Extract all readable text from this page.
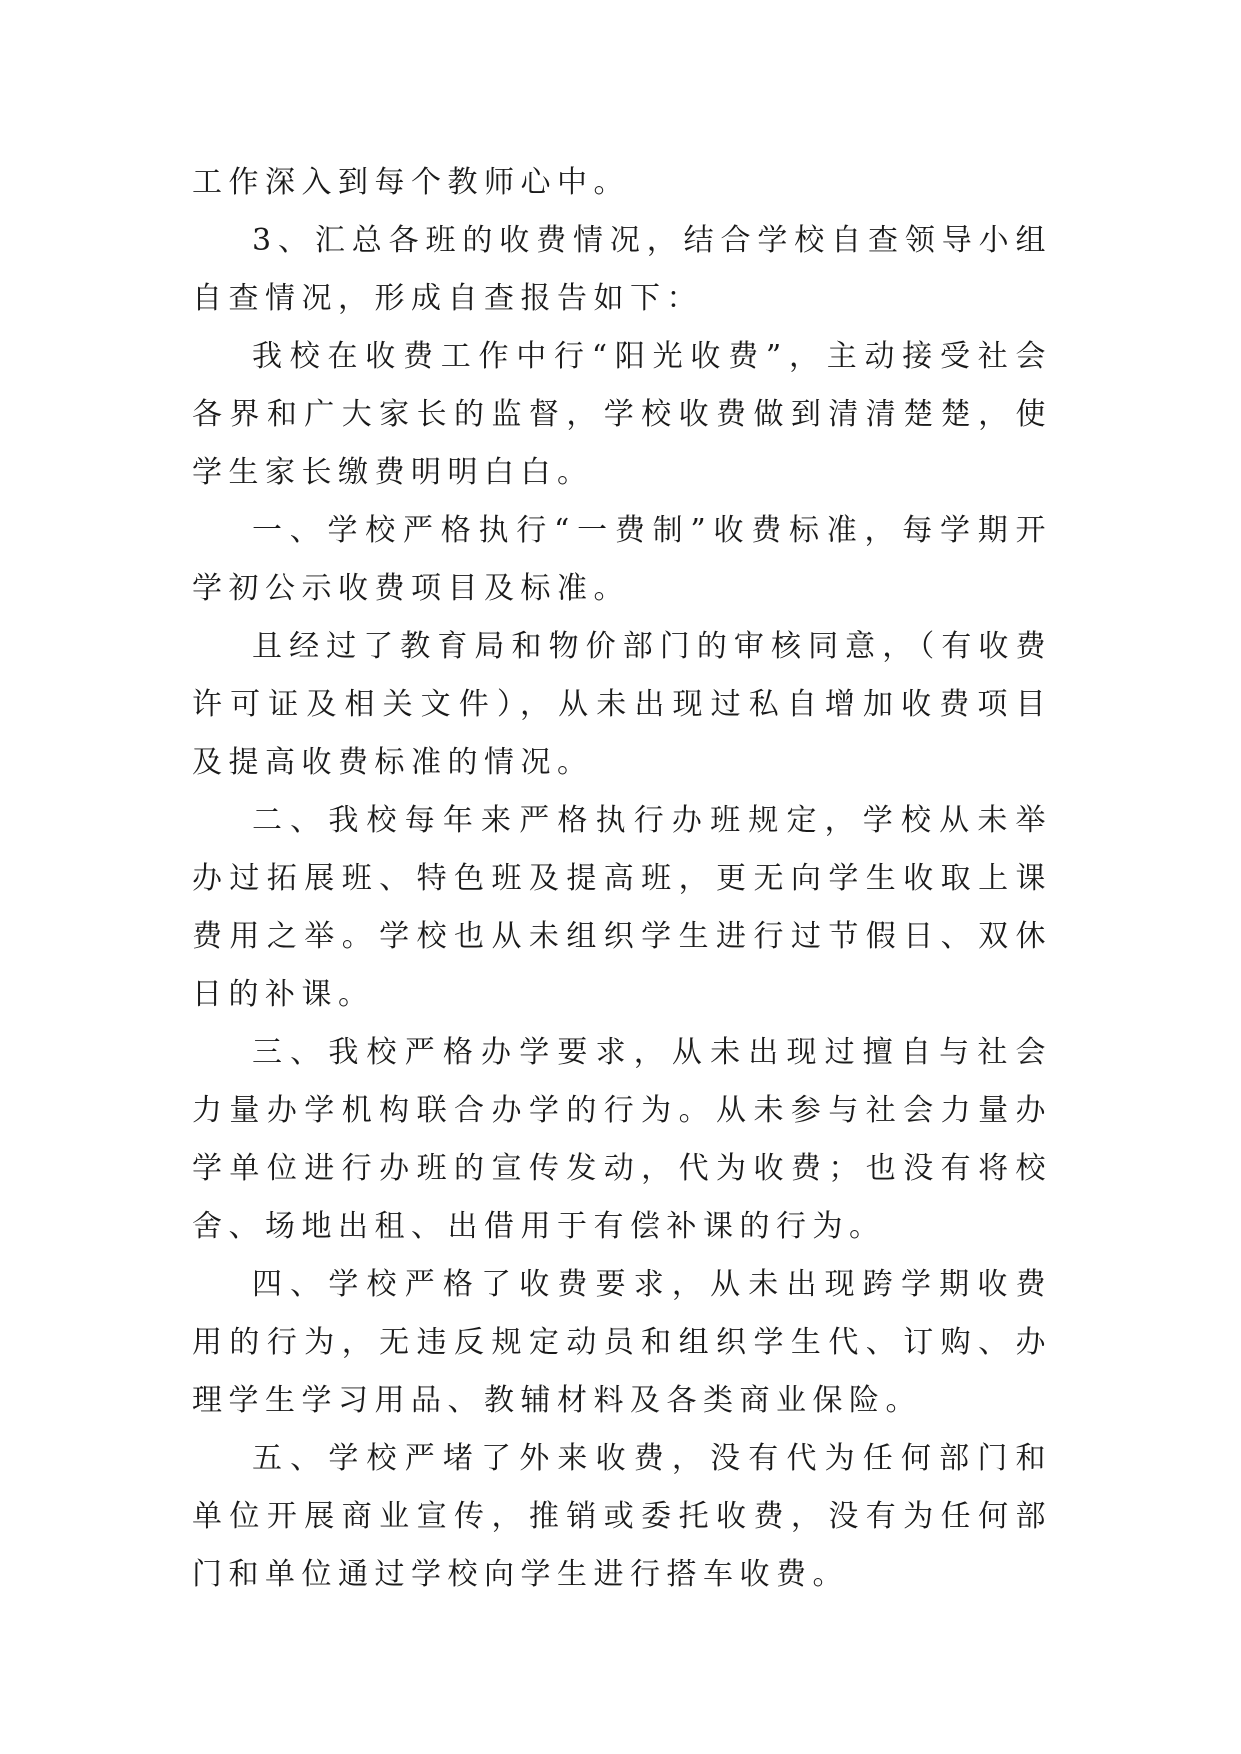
工作深入到每个教师心中。

3、汇总各班的收费情况，结合学校自查领导小组自查情况，形成自查报告如下：

我校在收费工作中行“阳光收费”，主动接受社会各界和广大家长的监督，学校收费做到清清楚楚，使学生家长缴费明明白白。

一、学校严格执行“一费制”收费标准，每学期开学初公示收费项目及标准。

且经过了教育局和物价部门的审核同意，（有收费许可证及相关文件），从未出现过私自增加收费项目及提高收费标准的情况。

二、我校每年来严格执行办班规定，学校从未举办过拓展班、特色班及提高班，更无向学生收取上课费用之举。学校也从未组织学生进行过节假日、双休日的补课。

三、我校严格办学要求，从未出现过擅自与社会力量办学机构联合办学的行为。从未参与社会力量办学单位进行办班的宣传发动，代为收费；也没有将校舍、场地出租、出借用于有偿补课的行为。

四、学校严格了收费要求，从未出现跨学期收费用的行为，无违反规定动员和组织学生代、订购、办理学生学习用品、教辅材料及各类商业保险。

五、学校严堵了外来收费，没有代为任何部门和单位开展商业宣传，推销或委托收费，没有为任何部门和单位通过学校向学生进行搭车收费。
